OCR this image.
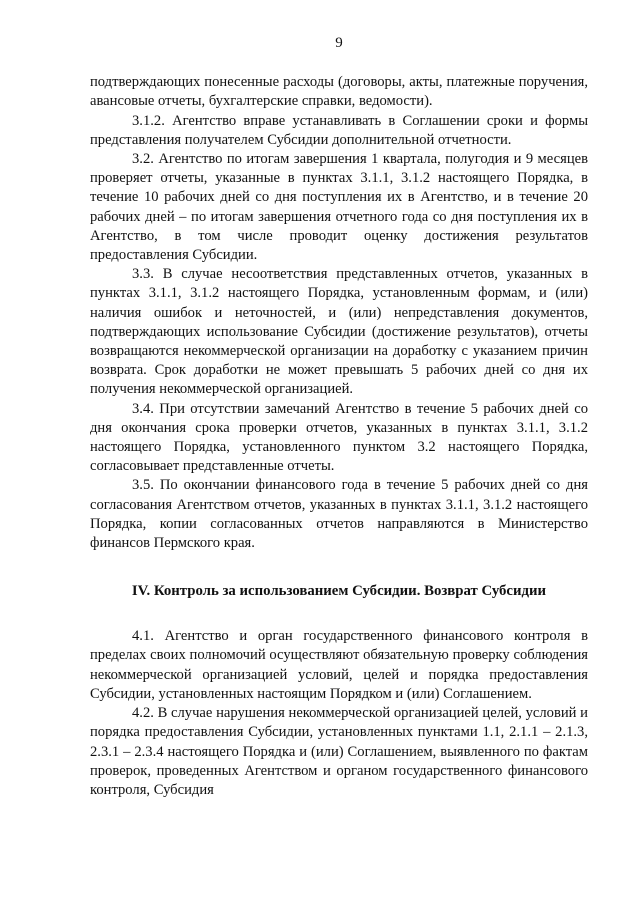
9

подтверждающих понесенные расходы (договоры, акты, платежные поручения, авансовые отчеты, бухгалтерские справки, ведомости).

3.1.2. Агентство вправе устанавливать в Соглашении сроки и формы представления получателем Субсидии дополнительной отчетности.

3.2. Агентство по итогам завершения 1 квартала, полугодия и 9 месяцев проверяет отчеты, указанные в пунктах 3.1.1, 3.1.2 настоящего Порядка, в течение 10 рабочих дней со дня поступления их в Агентство, и в течение 20 рабочих дней – по итогам завершения отчетного года со дня поступления их в Агентство, в том числе проводит оценку достижения результатов предоставления Субсидии.

3.3. В случае несоответствия представленных отчетов, указанных в пунктах 3.1.1, 3.1.2 настоящего Порядка, установленным формам, и (или) наличия ошибок и неточностей, и (или) непредставления документов, подтверждающих использование Субсидии (достижение результатов), отчеты возвращаются некоммерческой организации на доработку с указанием причин возврата. Срок доработки не может превышать 5 рабочих дней со дня их получения некоммерческой организацией.

3.4. При отсутствии замечаний Агентство в течение 5 рабочих дней со дня окончания срока проверки отчетов, указанных в пунктах 3.1.1, 3.1.2 настоящего Порядка, установленного пунктом 3.2 настоящего Порядка, согласовывает представленные отчеты.

3.5. По окончании финансового года в течение 5 рабочих дней со дня согласования Агентством отчетов, указанных в пунктах 3.1.1, 3.1.2 настоящего Порядка, копии согласованных отчетов направляются в Министерство финансов Пермского края.

IV. Контроль за использованием Субсидии. Возврат Субсидии

4.1. Агентство и орган государственного финансового контроля в пределах своих полномочий осуществляют обязательную проверку соблюдения некоммерческой организацией условий, целей и порядка предоставления Субсидии, установленных настоящим Порядком и (или) Соглашением.

4.2. В случае нарушения некоммерческой организацией целей, условий и порядка предоставления Субсидии, установленных пунктами 1.1, 2.1.1 – 2.1.3, 2.3.1 – 2.3.4 настоящего Порядка и (или) Соглашением, выявленного по фактам проверок, проведенных Агентством и органом государственного финансового контроля, Субсидия
